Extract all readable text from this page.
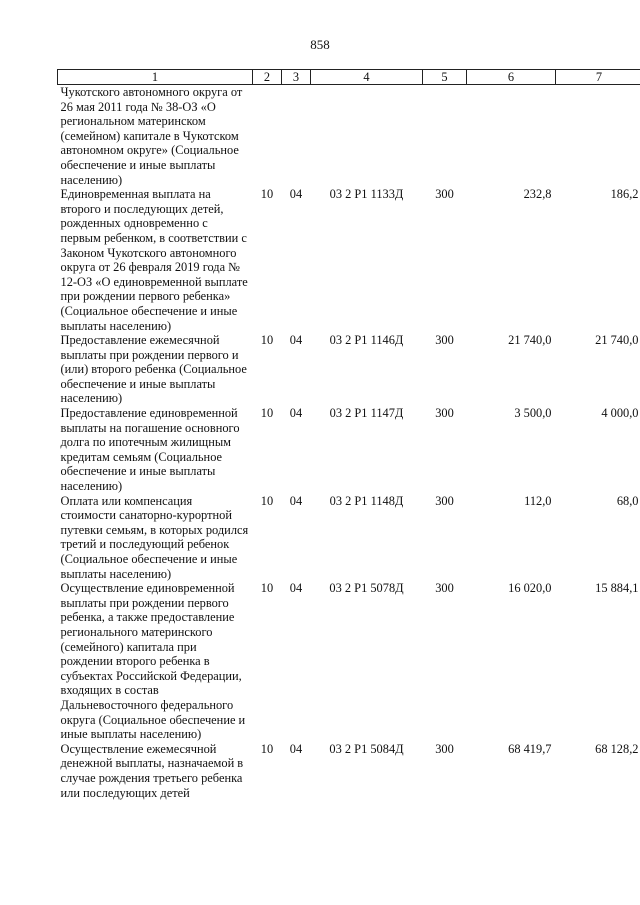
858
1	2	3	4	5	6	7
Чукотского автономного округа от 26 мая 2011 года № 38-ОЗ «О региональном материнском (семейном) капитале в Чукотском автономном округе» (Социальное обеспечение и иные выплаты населению)						
Единовременная выплата на второго и последующих детей, рожденных одновременно с первым ребенком, в соответствии с Законом Чукотского автономного округа от 26 февраля 2019 года № 12-ОЗ «О единовременной выплате при рождении первого ребенка» (Социальное обеспечение и иные выплаты населению)	10	04	03 2 P1 1133Д	300	232,8	186,2
Предоставление ежемесячной выплаты при рождении первого и (или) второго ребенка (Социальное обеспечение и иные выплаты населению)	10	04	03 2 P1 1146Д	300	21 740,0	21 740,0
Предоставление единовременной выплаты на погашение основного долга по ипотечным жилищным кредитам семьям (Социальное обеспечение и иные выплаты населению)	10	04	03 2 P1 1147Д	300	3 500,0	4 000,0
Оплата или компенсация стоимости санаторно-курортной путевки семьям, в которых родился третий и последующий ребенок (Социальное обеспечение и иные выплаты населению)	10	04	03 2 P1 1148Д	300	112,0	68,0
Осуществление единовременной выплаты при рождении первого ребенка, а также предоставление регионального материнского (семейного) капитала при рождении второго ребенка в субъектах Российской Федерации, входящих в состав Дальневосточного федерального округа (Социальное обеспечение и иные выплаты населению)	10	04	03 2 P1 5078Д	300	16 020,0	15 884,1
Осуществление ежемесячной денежной выплаты, назначаемой в случае рождения третьего ребенка или последующих детей	10	04	03 2 P1 5084Д	300	68 419,7	68 128,2
